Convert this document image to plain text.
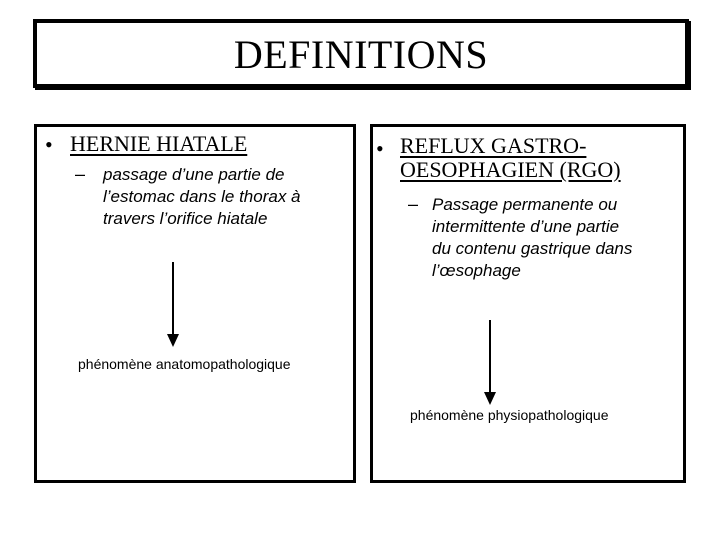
DEFINITIONS
• HERNIE HIATALE
– passage d’une partie de
l’estomac dans le thorax à
travers l’orifice hiatale
phénomène anatomopathologique
• REFLUX GASTRO-
OESOPHAGIEN (RGO)
– Passage permanente ou
intermittente d’une partie
du contenu gastrique dans
l’œsophage
phénomène physiopathologique
